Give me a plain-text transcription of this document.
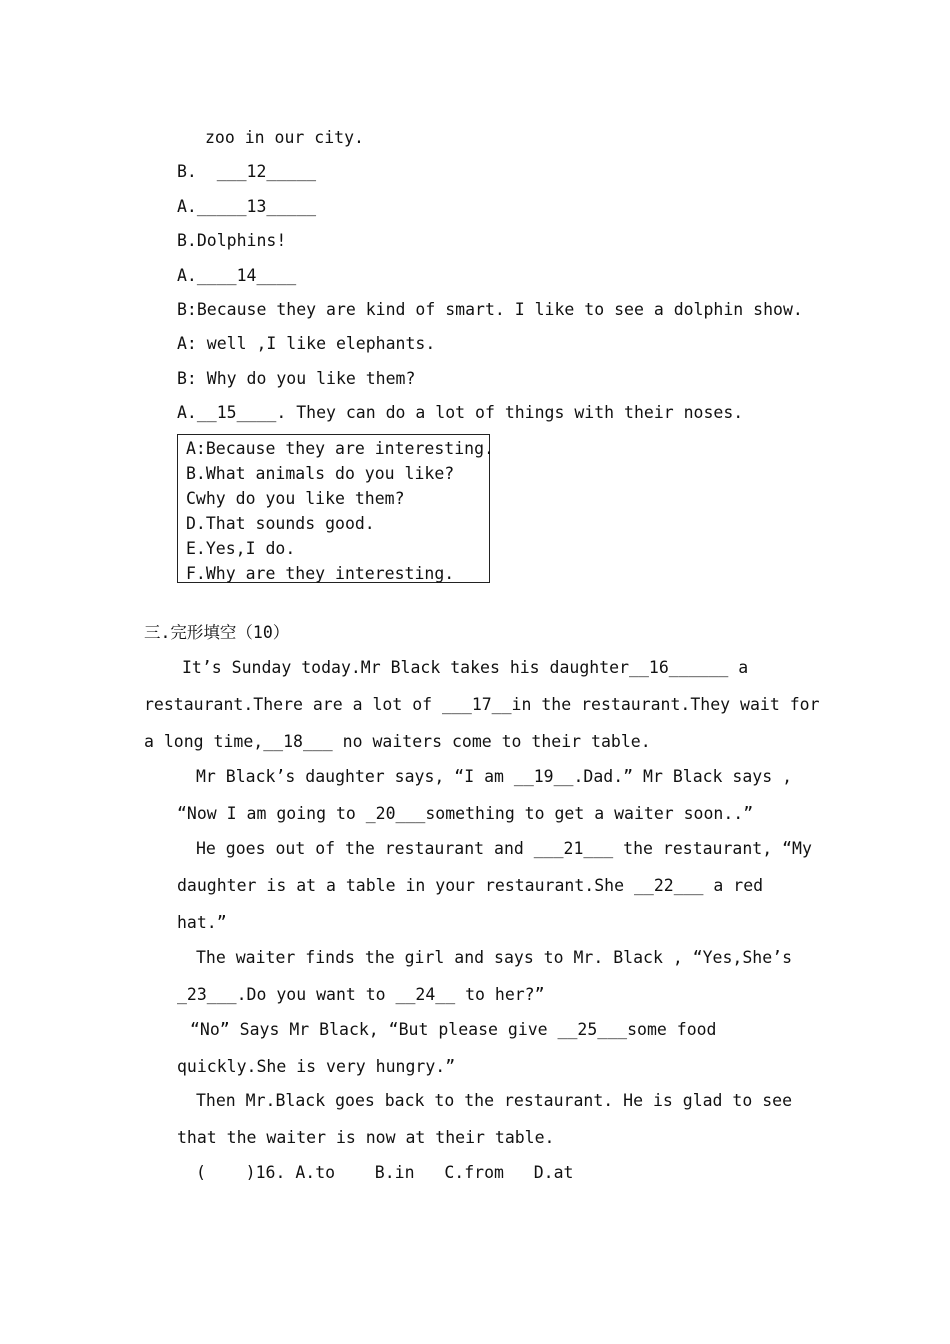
zoo in our city.
B.  ___12_____
A._____13_____
B.Dolphins!
A.____14____
B:Because they are kind of smart. I like to see a dolphin show.
A: well ,I like elephants.
B: Why do you like them?
A.__15____. They can do a lot of things with their noses.
A:Because they are interesting.
B.What animals do you like?
Cwhy do you like them?
D.That sounds good.
E.Yes,I do.
F.Why are they interesting.
三.完形填空（10）
It’s Sunday today.Mr Black takes his daughter__16______ a
restaurant.There are a lot of ___17__in the restaurant.They wait for
a long time,__18___ no waiters come to their table.
Mr Black’s daughter says, “I am __19__.Dad.” Mr Black says ,
“Now I am going to _20___something to get a waiter soon..”
He goes out of the restaurant and ___21___ the restaurant, “My
daughter is at a table in your restaurant.She __22___ a red
hat.”
The waiter finds the girl and says to Mr. Black , “Yes,She’s
_23___.Do you want to __24__ to her?”
“No” Says Mr Black, “But please give __25___some food
quickly.She is very hungry.”
Then Mr.Black goes back to the restaurant. He is glad to see
that the waiter is now at their table.
(    )16. A.to    B.in   C.from   D.at
